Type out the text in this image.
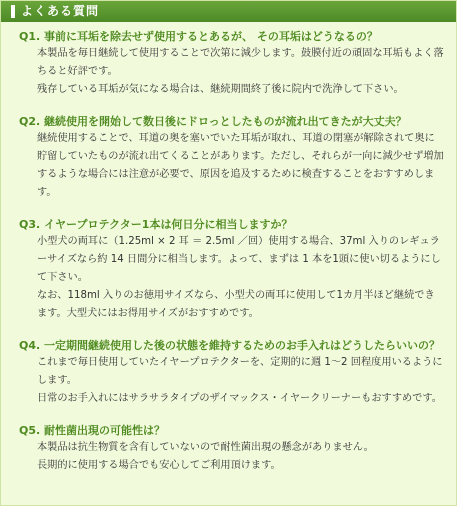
よくある質問
Q1. 事前に耳垢を除去せず使用するとあるが、 その耳垢はどうなるの？

本製品を毎日継続して使用することで次第に減少します。鼓膜付近の頑固な耳垢もよく落ちると好評です。

残存している耳垢が気になる場合は、継続期間終了後に院内で洗浄して下さい。

Q2. 継続使用を開始して数日後にドロっとしたものが流れ出てきたが大丈夫？

継続使用することで、耳道の奥を塞いでいた耳垢が取れ、耳道の閉塞が解除されて奥に貯留していたものが流れ出てくることがあります。ただし、それらが一向に減少せず増加するような場合には注意が必要で、原因を追及するために検査することをおすすめします。

Q3. イヤープロテクター1本は何日分に相当しますか？

小型犬の両耳に（1.25ml × 2 耳 ＝ 2.5ml ／回）使用する場合、37ml 入りのレギュラーサイズなら約 14 日間分に相当します。よって、まずは 1 本を1頭に使い切るようにして下さい。

なお、118ml 入りのお徳用サイズなら、小型犬の両耳に使用して1カ月半ほど継続できます。大型犬にはお得用サイズがおすすめです。

Q4. 一定期間継続使用した後の状態を維持するためのお手入れはどうしたらいいの？

これまで毎日使用していたイヤープロテクターを、定期的に週 1～2 回程度用いるようにします。

日常のお手入れにはサラサラタイプのザイマックス・イヤークリーナーもおすすめです。

Q5. 耐性菌出現の可能性は？

本製品は抗生物質を含有していないので耐性菌出現の懸念がありません。

長期的に使用する場合でも安心してご利用頂けます。
